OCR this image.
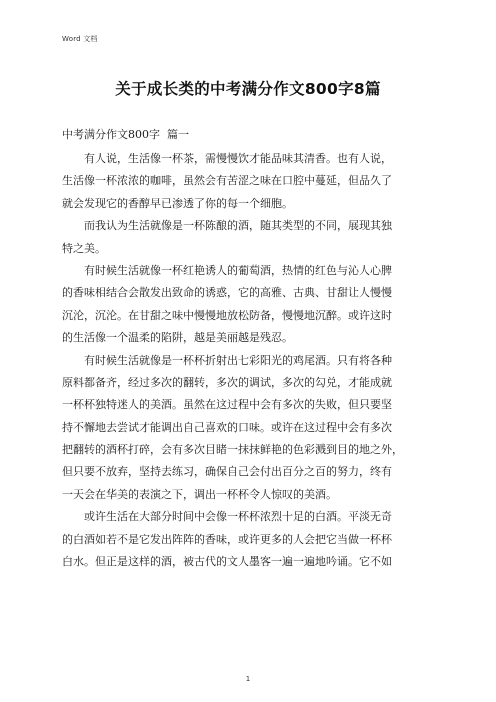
Word 文档
关于成长类的中考满分作文800字8篇
中考满分作文800字  篇一
有人说，生活像一杯茶，需慢慢饮才能品味其清香。也有人说，
生活像一杯浓浓的咖啡，虽然会有苦涩之味在口腔中蔓延，但品久了
就会发现它的香醇早已渗透了你的每一个细胞。
而我认为生活就像是一杯陈酿的酒，随其类型的不同，展现其独
特之美。
有时候生活就像一杯红艳诱人的葡萄酒，热情的红色与沁人心脾
的香味相结合会散发出致命的诱惑，它的高雅、古典、甘甜让人慢慢
沉沦，沉沦。在甘甜之味中慢慢地放松防备，慢慢地沉醉。或许这时
的生活像一个温柔的陷阱，越是美丽越是残忍。
有时候生活就像是一杯杯折射出七彩阳光的鸡尾酒。只有将各种
原料都备齐，经过多次的翻转，多次的调试，多次的勾兑，才能成就
一杯杯独特迷人的美酒。虽然在这过程中会有多次的失败，但只要坚
持不懈地去尝试才能调出自己喜欢的口味。或许在这过程中会有多次
把翻转的酒杯打碎，会有多次目睹一抹抹鲜艳的色彩溅到目的地之外，
但只要不放弃，坚持去练习，确保自己会付出百分之百的努力，终有
一天会在华美的表演之下，调出一杯杯令人惊叹的美酒。
或许生活在大部分时间中会像一杯杯浓烈十足的白酒。平淡无奇
的白酒如若不是它发出阵阵的香味，或许更多的人会把它当做一杯杯
白水。但正是这样的酒，被古代的文人墨客一遍一遍地吟诵。它不如
1
